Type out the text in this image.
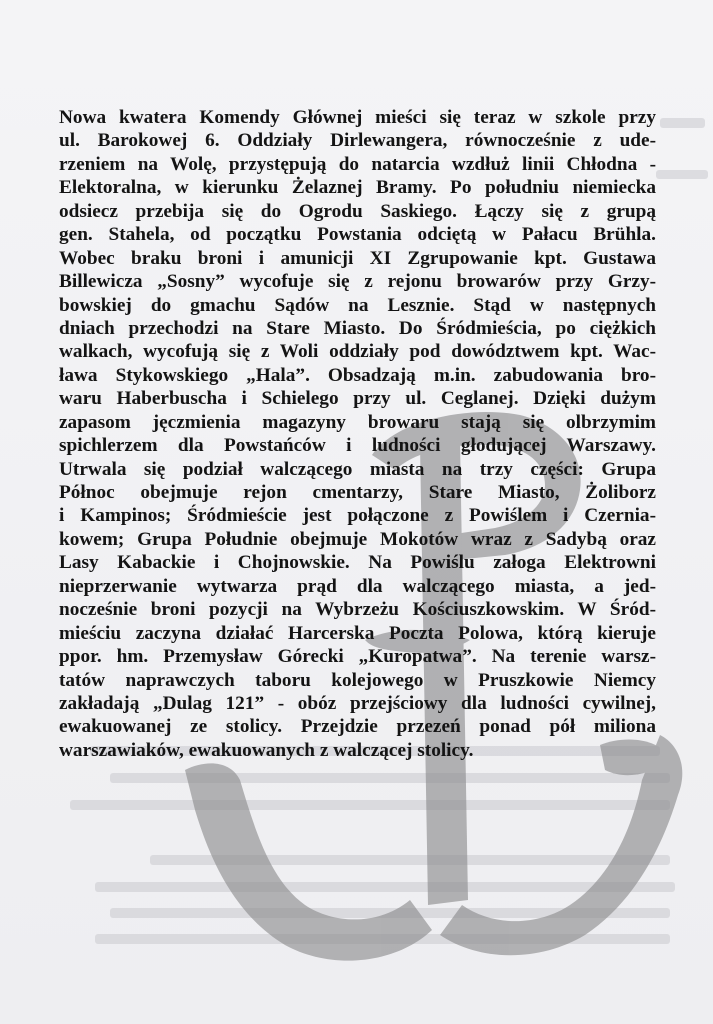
Nowa kwatera Komendy Głównej mieści się teraz w szkole przy
ul. Barokowej 6. Oddziały Dirlewangera, równocześnie z ude-
rzeniem na Wolę, przystępują do natarcia wzdłuż linii Chłodna -
Elektoralna, w kierunku Żelaznej Bramy. Po południu niemiecka
odsiecz przebija się do Ogrodu Saskiego. Łączy się z grupą
gen. Stahela, od początku Powstania odciętą w Pałacu Brühla.
Wobec braku broni i amunicji XI Zgrupowanie kpt. Gustawa
Billewicza „Sosny” wycofuje się z rejonu browarów przy Grzy-
bowskiej do gmachu Sądów na Lesznie. Stąd w następnych
dniach przechodzi na Stare Miasto. Do Śródmieścia, po ciężkich
walkach, wycofują się z Woli oddziały pod dowództwem kpt. Wac-
ława Stykowskiego „Hala”. Obsadzają m.in. zabudowania bro-
waru Haberbuscha i Schielego przy ul. Ceglanej. Dzięki dużym
zapasom jęczmienia magazyny browaru stają się olbrzymim
spichlerzem dla Powstańców i ludności głodującej Warszawy.
Utrwala się podział walczącego miasta na trzy części: Grupa
Północ obejmuje rejon cmentarzy, Stare Miasto, Żoliborz
i Kampinos; Śródmieście jest połączone z Powiślem i Czernia-
kowem; Grupa Południe obejmuje Mokotów wraz z Sadybą oraz
Lasy Kabackie i Chojnowskie. Na Powiślu załoga Elektrowni
nieprzerwanie wytwarza prąd dla walczącego miasta, a jed-
nocześnie broni pozycji na Wybrzeżu Kościuszkowskim. W Śród-
mieściu zaczyna działać Harcerska Poczta Polowa, którą kieruje
ppor. hm. Przemysław Górecki „Kuropatwa”. Na terenie warsz-
tatów naprawczych taboru kolejowego w Pruszkowie Niemcy
zakładają „Dulag 121” - obóz przejściowy dla ludności cywilnej,
ewakuowanej ze stolicy. Przejdzie przezeń ponad pół miliona
warszawiaków, ewakuowanych z walczącej stolicy.
